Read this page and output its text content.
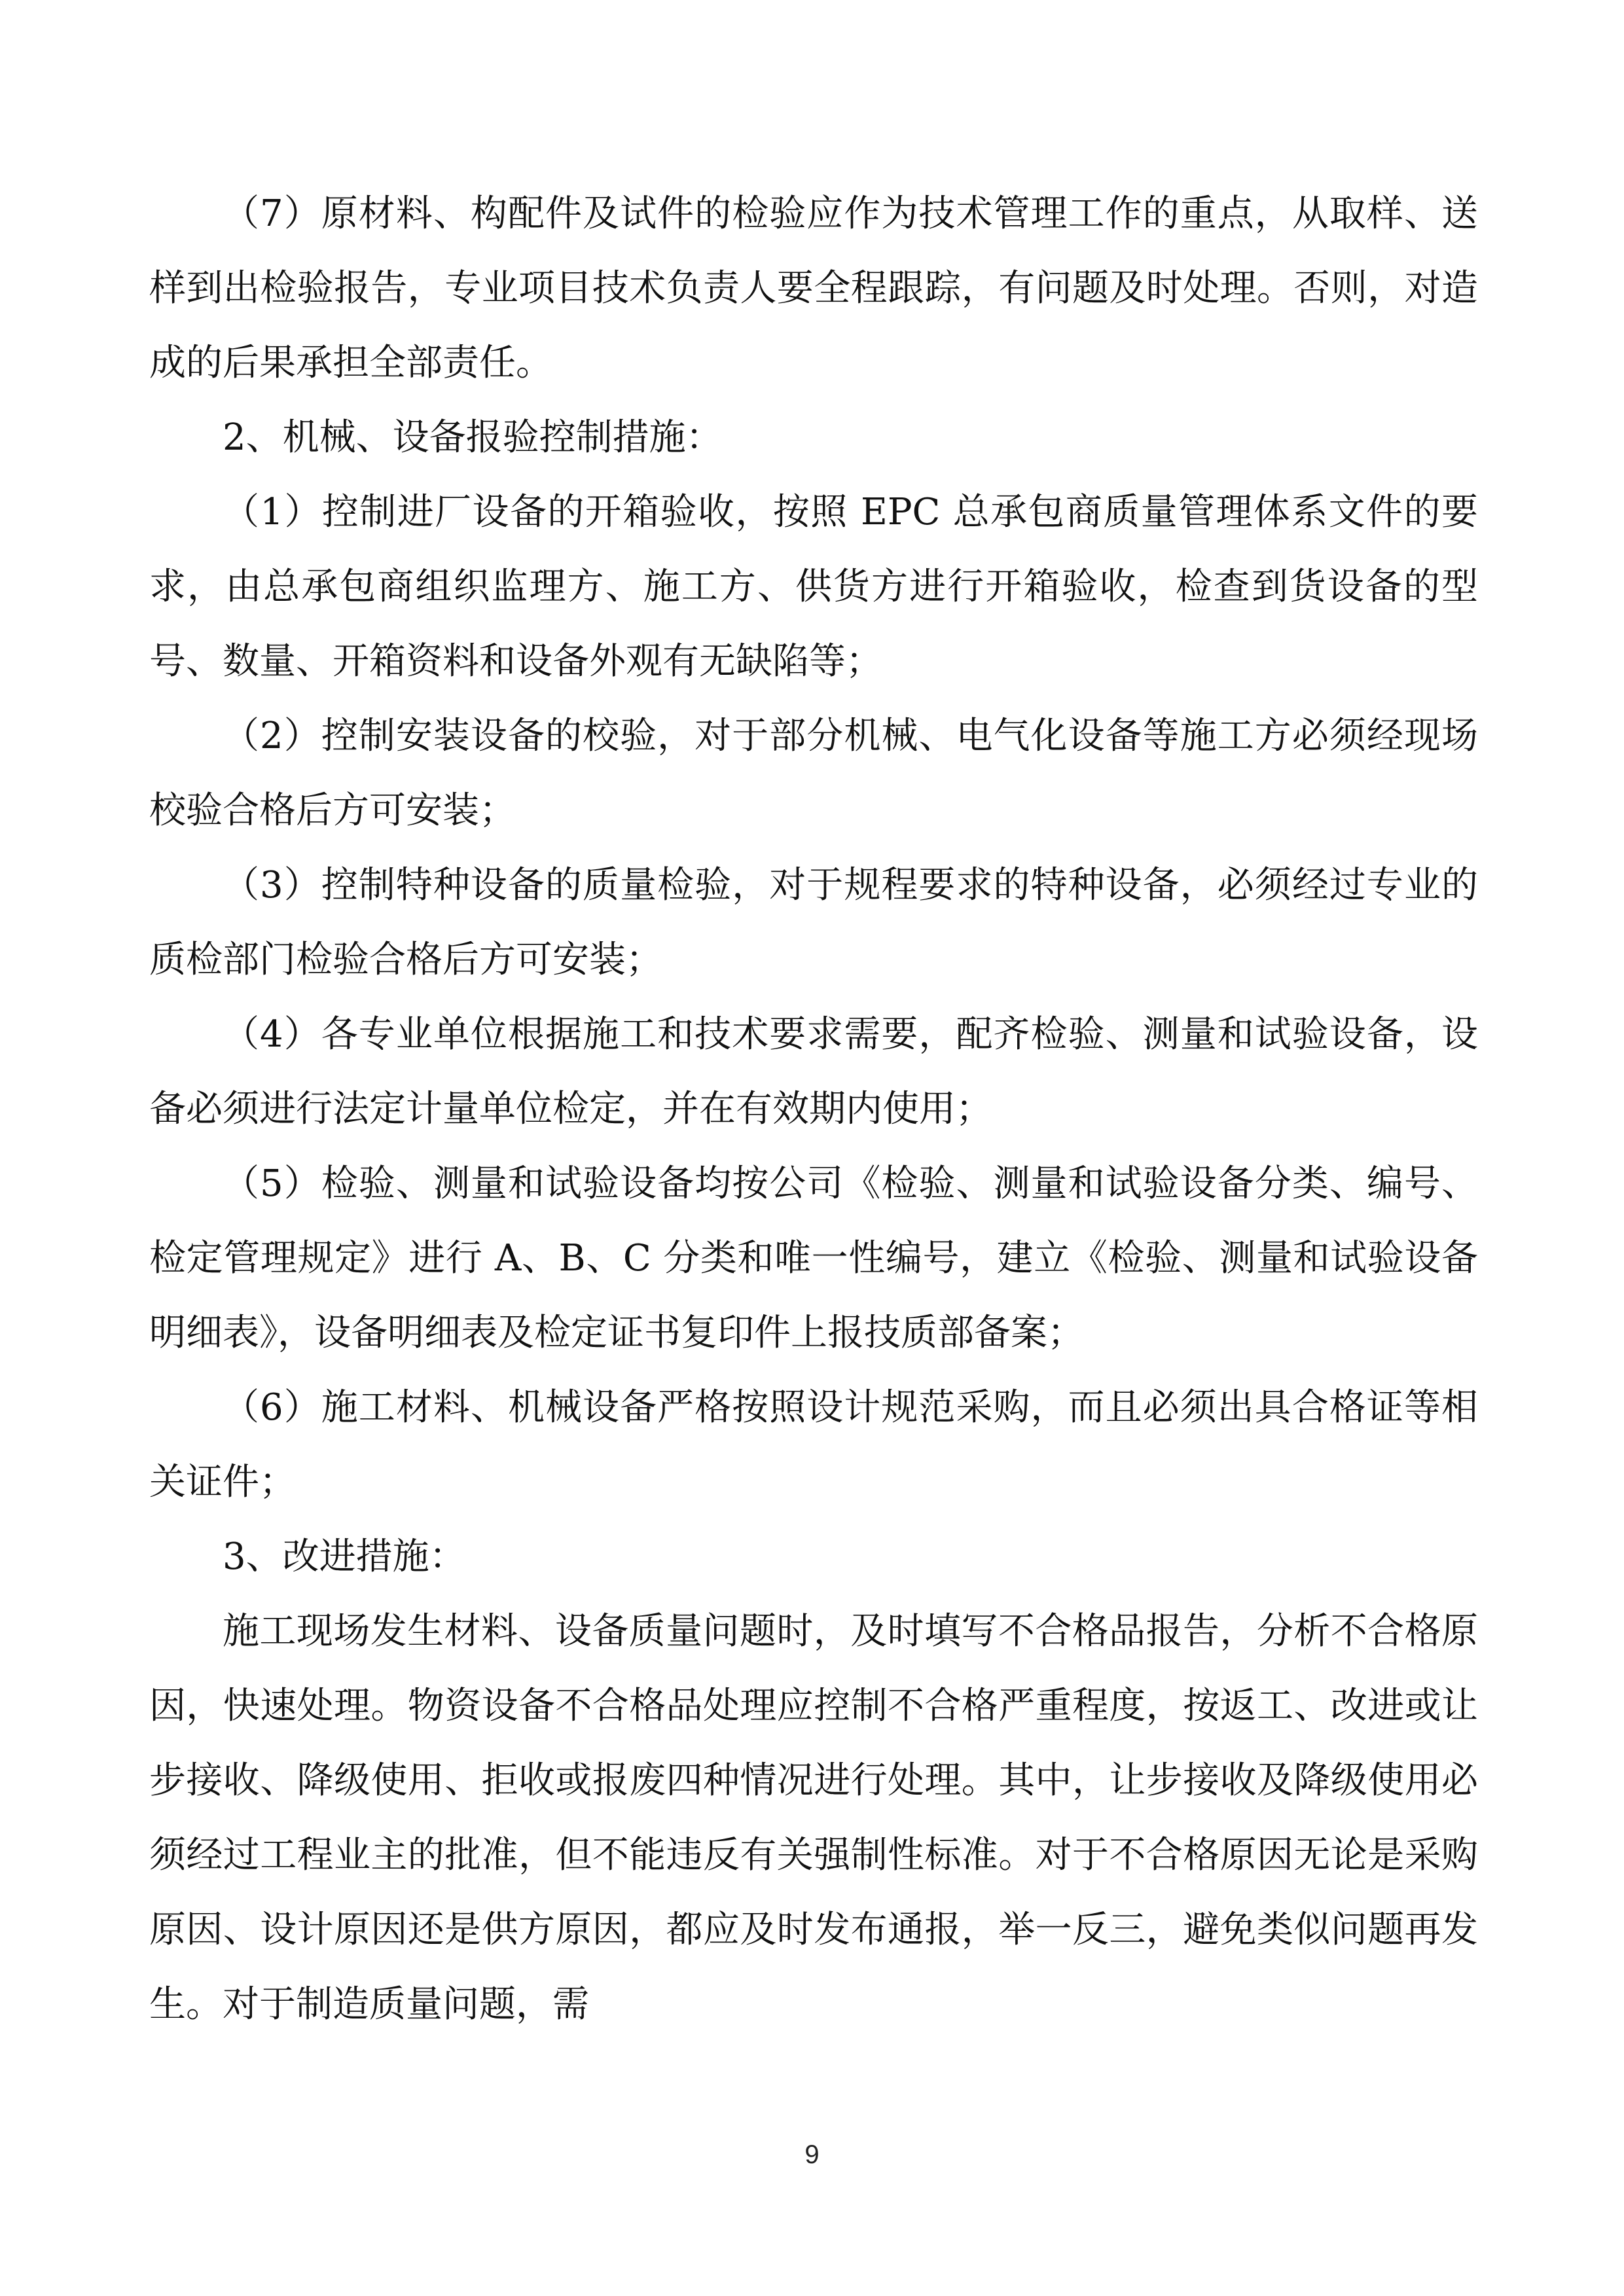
（7）原材料、构配件及试件的检验应作为技术管理工作的重点，从取样、送样到出检验报告，专业项目技术负责人要全程跟踪，有问题及时处理。否则，对造成的后果承担全部责任。

2、机械、设备报验控制措施：

（1）控制进厂设备的开箱验收，按照 EPC 总承包商质量管理体系文件的要求，由总承包商组织监理方、施工方、供货方进行开箱验收，检查到货设备的型号、数量、开箱资料和设备外观有无缺陷等；

（2）控制安装设备的校验，对于部分机械、电气化设备等施工方必须经现场校验合格后方可安装；

（3）控制特种设备的质量检验，对于规程要求的特种设备，必须经过专业的质检部门检验合格后方可安装；

（4）各专业单位根据施工和技术要求需要，配齐检验、测量和试验设备，设备必须进行法定计量单位检定，并在有效期内使用；

（5）检验、测量和试验设备均按公司《检验、测量和试验设备分类、编号、检定管理规定》进行 A、B、C 分类和唯一性编号，建立《检验、测量和试验设备明细表》，设备明细表及检定证书复印件上报技质部备案；

（6）施工材料、机械设备严格按照设计规范采购，而且必须出具合格证等相关证件；

3、改进措施：

施工现场发生材料、设备质量问题时，及时填写不合格品报告，分析不合格原因，快速处理。物资设备不合格品处理应控制不合格严重程度，按返工、改进或让步接收、降级使用、拒收或报废四种情况进行处理。其中，让步接收及降级使用必须经过工程业主的批准，但不能违反有关强制性标准。对于不合格原因无论是采购原因、设计原因还是供方原因，都应及时发布通报，举一反三，避免类似问题再发生。对于制造质量问题，需

9
